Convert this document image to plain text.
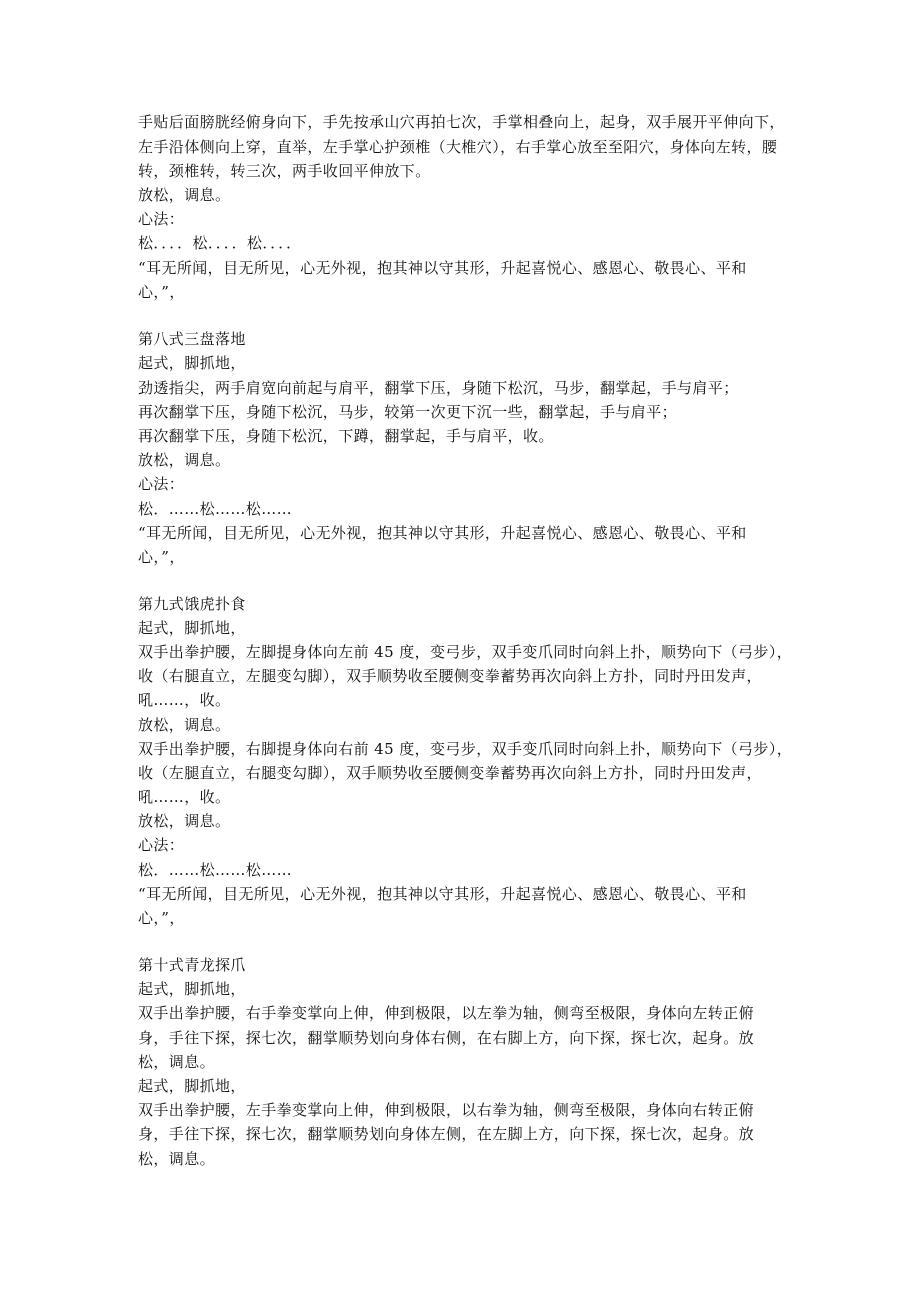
手贴后面膀胱经俯身向下，手先按承山穴再拍七次，手掌相叠向上，起身，双手展开平伸向下，
左手沿体侧向上穿，直举，左手掌心护颈椎（大椎穴），右手掌心放至至阳穴，身体向左转，腰
转，颈椎转，转三次，两手收回平伸放下。
放松，调息。
心法：
松．．．．松．．．．松．．．．
“耳无所闻，目无所见，心无外视，抱其神以守其形，升起喜悦心、感恩心、敬畏心、平和
心，”，
第八式三盘落地
起式，脚抓地，
劲透指尖，两手肩宽向前起与肩平，翻掌下压，身随下松沉，马步，翻掌起，手与肩平；
再次翻掌下压，身随下松沉，马步，较第一次更下沉一些，翻掌起，手与肩平；
再次翻掌下压，身随下松沉，下蹲，翻掌起，手与肩平，收。
放松，调息。
心法：
松．……松……松……
“耳无所闻，目无所见，心无外视，抱其神以守其形，升起喜悦心、感恩心、敬畏心、平和
心，”，
第九式饿虎扑食
起式，脚抓地，
双手出拳护腰，左脚提身体向左前 45 度，变弓步，双手变爪同时向斜上扑，顺势向下（弓步），
收（右腿直立，左腿变勾脚），双手顺势收至腰侧变拳蓄势再次向斜上方扑，同时丹田发声，
吼……，收。
放松，调息。
双手出拳护腰，右脚提身体向右前 45 度，变弓步，双手变爪同时向斜上扑，顺势向下（弓步），
收（左腿直立，右腿变勾脚），双手顺势收至腰侧变拳蓄势再次向斜上方扑，同时丹田发声，
吼……，收。
放松，调息。
心法：
松．……松……松……
“耳无所闻，目无所见，心无外视，抱其神以守其形，升起喜悦心、感恩心、敬畏心、平和
心，”，
第十式青龙探爪
起式，脚抓地，
双手出拳护腰，右手拳变掌向上伸，伸到极限，以左拳为轴，侧弯至极限，身体向左转正俯
身，手往下探，探七次，翻掌顺势划向身体右侧，在右脚上方，向下探，探七次，起身。放
松，调息。
起式，脚抓地，
双手出拳护腰，左手拳变掌向上伸，伸到极限，以右拳为轴，侧弯至极限，身体向右转正俯
身，手往下探，探七次，翻掌顺势划向身体左侧，在左脚上方，向下探，探七次，起身。放
松，调息。
